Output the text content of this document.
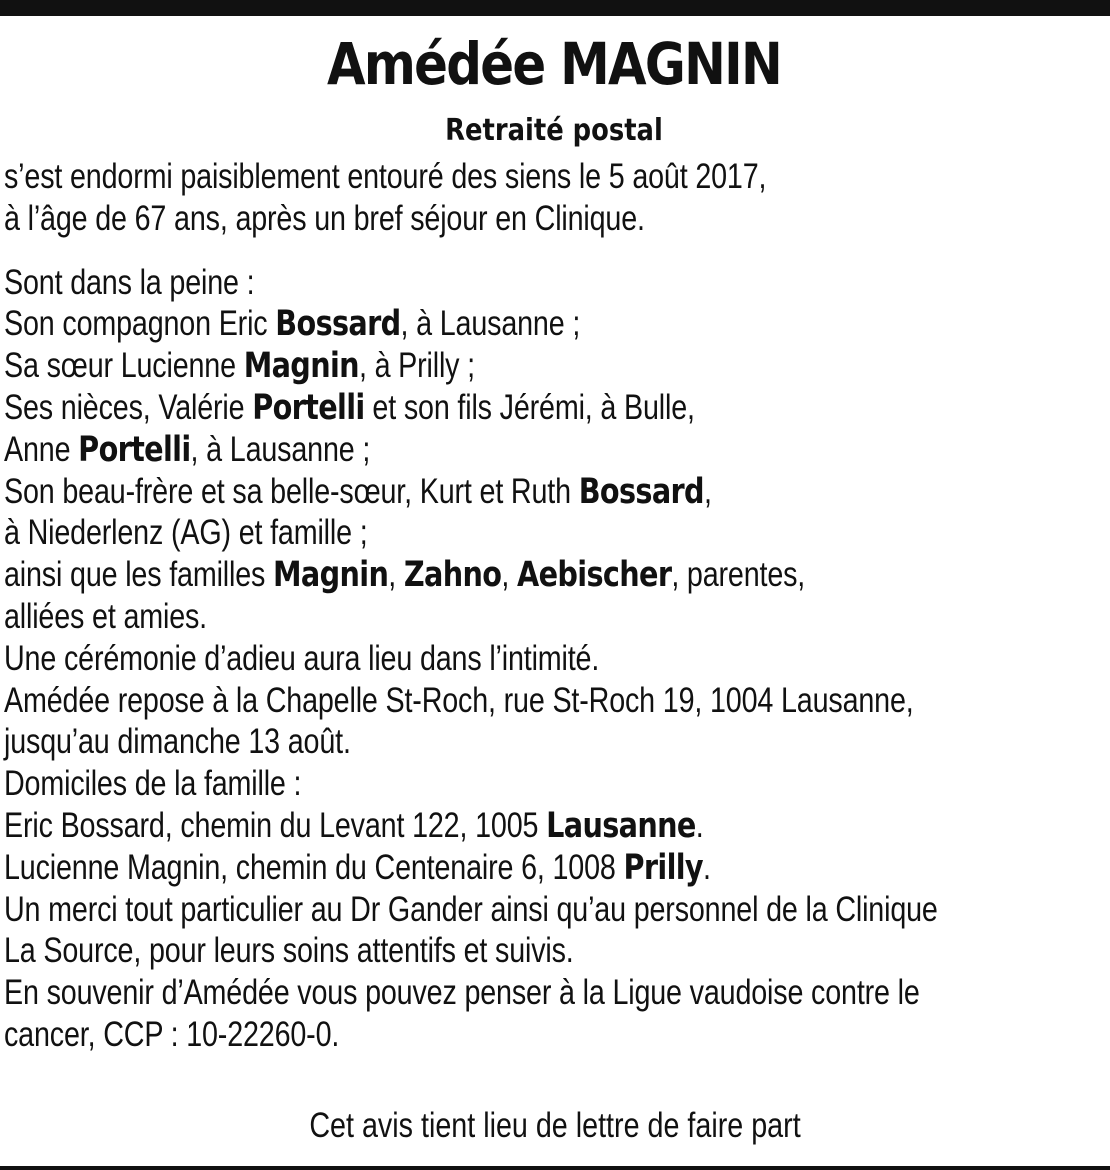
Amédée MAGNIN
Retraité postal
s’est endormi paisiblement entouré des siens le 5 août 2017,
à l’âge de 67 ans, après un bref séjour en Clinique.
Sont dans la peine :
Son compagnon Eric Bossard, à Lausanne ;
Sa sœur Lucienne Magnin, à Prilly ;
Ses nièces, Valérie Portelli et son fils Jérémi, à Bulle,
Anne Portelli, à Lausanne ;
Son beau-frère et sa belle-sœur, Kurt et Ruth Bossard,
à Niederlenz (AG) et famille ;
ainsi que les familles Magnin, Zahno, Aebischer, parentes,
alliées et amies.
Une cérémonie d’adieu aura lieu dans l’intimité.
Amédée repose à la Chapelle St-Roch, rue St-Roch 19, 1004 Lausanne,
jusqu’au dimanche 13 août.
Domiciles de la famille :
Eric Bossard, chemin du Levant 122, 1005 Lausanne.
Lucienne Magnin, chemin du Centenaire 6, 1008 Prilly.
Un merci tout particulier au Dr Gander ainsi qu’au personnel de la Clinique
La Source, pour leurs soins attentifs et suivis.
En souvenir d’Amédée vous pouvez penser à la Ligue vaudoise contre le
cancer, CCP : 10-22260-0.
Cet avis tient lieu de lettre de faire part
